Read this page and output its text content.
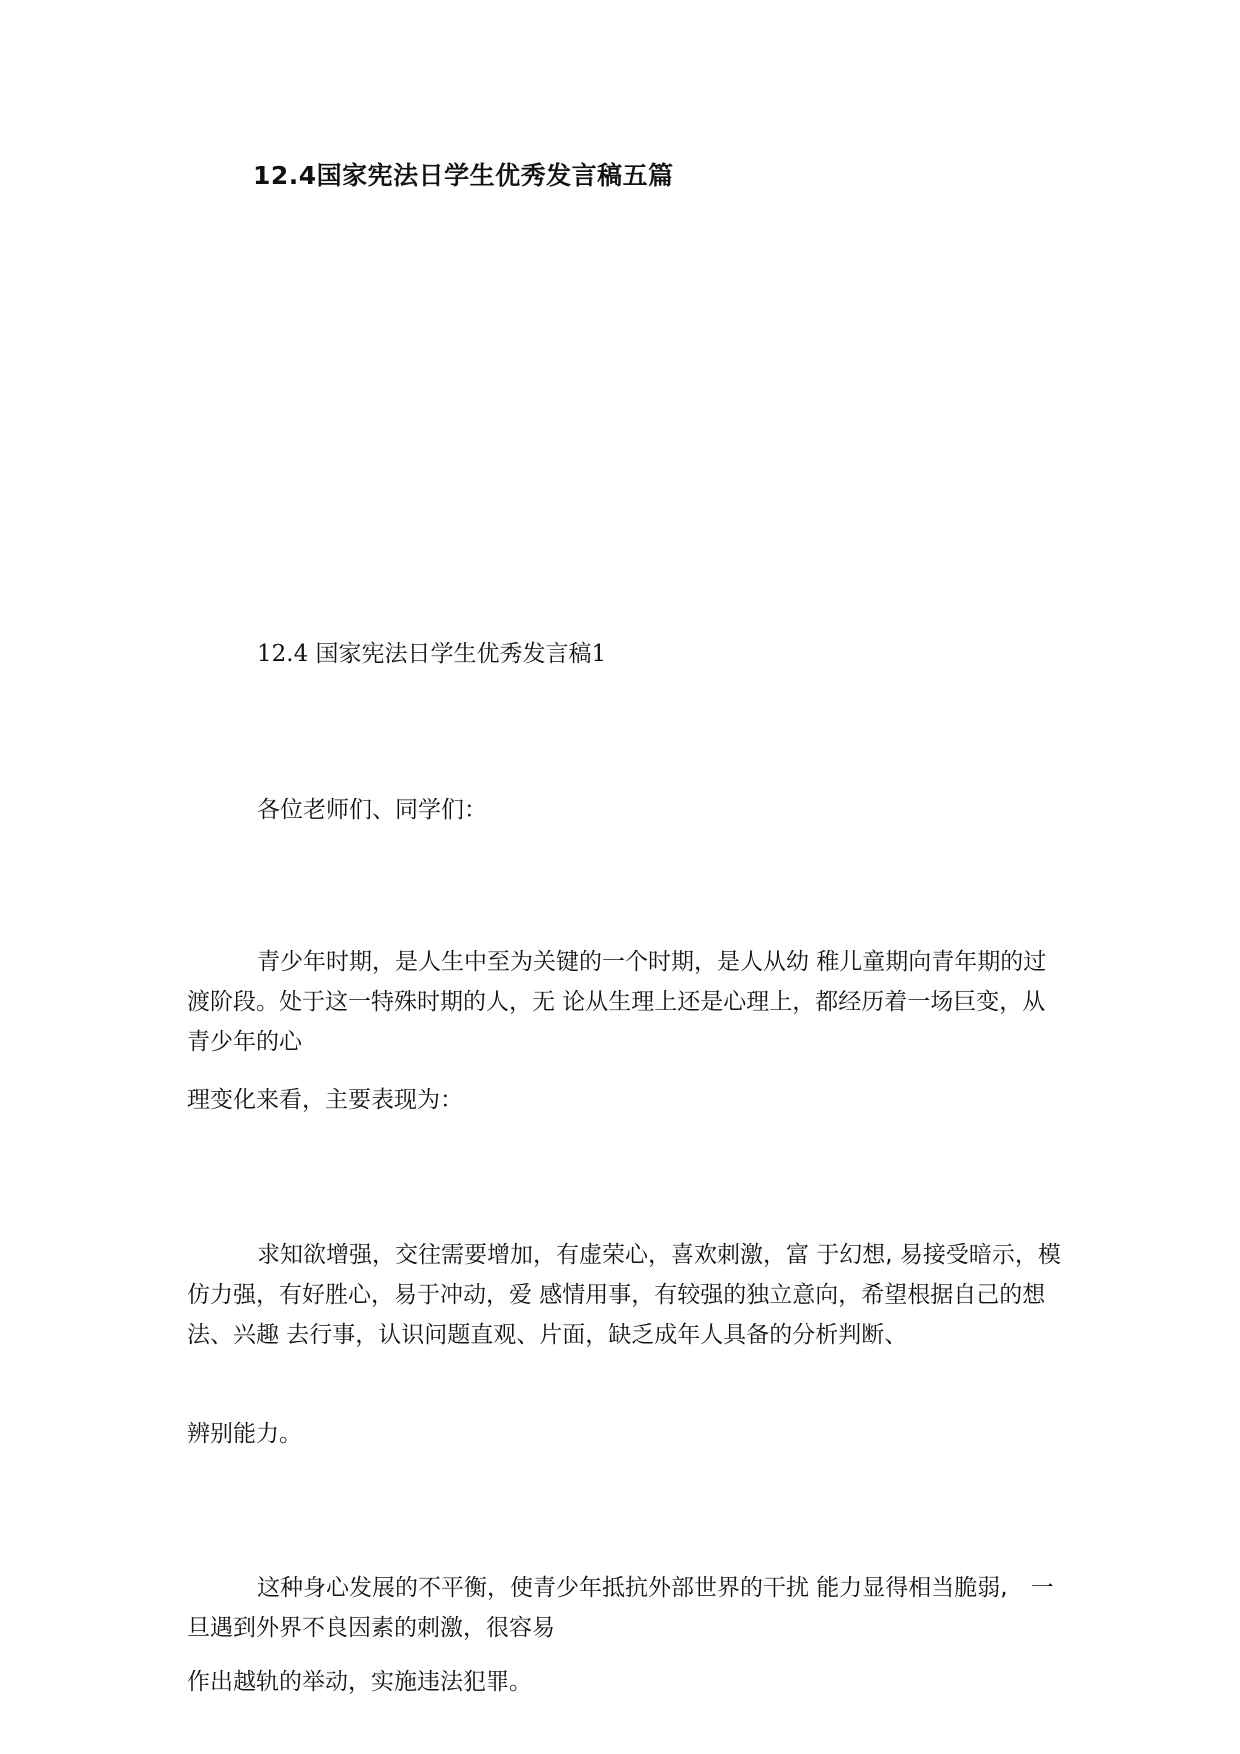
12.4国家宪法日学生优秀发言稿五篇
12.4 国家宪法日学生优秀发言稿1
各位老师们、同学们：
青少年时期，是人生中至为关键的一个时期，是人从幼 稚儿童期向青年期的过渡阶段。处于这一特殊时期的人，无 论从生理上还是心理上，都经历着一场巨变，从青少年的心
理变化来看，主要表现为：
求知欲增强，交往需要增加，有虚荣心，喜欢刺激，富 于幻想, 易接受暗示，模仿力强，有好胜心，易于冲动，爱 感情用事，有较强的独立意向，希望根据自己的想法、兴趣 去行事，认识问题直观、片面，缺乏成年人具备的分析判断、
辨别能力。
这种身心发展的不平衡，使青少年抵抗外部世界的干扰 能力显得相当脆弱,　一旦遇到外界不良因素的刺激，很容易
作出越轨的举动，实施违法犯罪。
